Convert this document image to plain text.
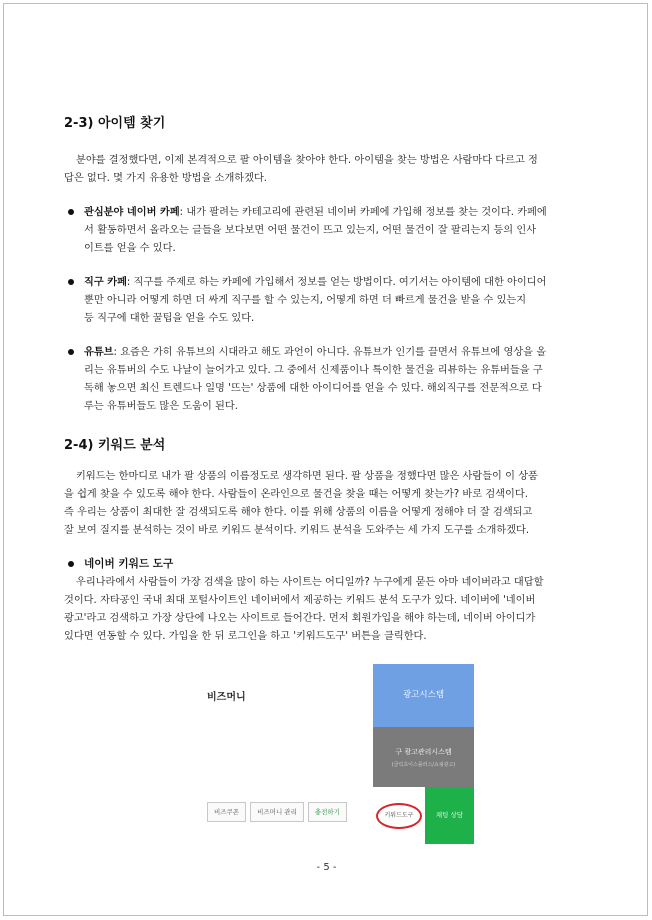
2-3) 아이템 찾기
분야를 결정했다면, 이제 본격적으로 팔 아이템을 찾아야 한다. 아이템을 찾는 방법은 사람마다 다르고 정
답은 없다. 몇 가지 유용한 방법을 소개하겠다.
관심분야 네이버 카페: 내가 팔려는 카테고리에 관련된 네이버 카페에 가입해 정보를 찾는 것이다. 카페에
서 활동하면서 올라오는 글들을 보다보면 어떤 물건이 뜨고 있는지, 어떤 물건이 잘 팔리는지 등의 인사
이트를 얻을 수 있다.
직구 카페: 직구를 주제로 하는 카페에 가입해서 정보를 얻는 방법이다. 여기서는 아이템에 대한 아이디어
뿐만 아니라 어떻게 하면 더 싸게 직구를 할 수 있는지, 어떻게 하면 더 빠르게 물건을 받을 수 있는지
등 직구에 대한 꿀팁을 얻을 수도 있다.
유튜브: 요즘은 가히 유튜브의 시대라고 해도 과언이 아니다. 유튜브가 인기를 끌면서 유튜브에 영상을 올
리는 유튜버의 수도 나날이 늘어가고 있다. 그 중에서 신제품이나 특이한 물건을 리뷰하는 유튜버들을 구
독해 놓으면 최신 트렌드나 일명 '뜨는' 상품에 대한 아이디어를 얻을 수 있다. 해외직구를 전문적으로 다
루는 유튜버들도 많은 도움이 된다.
2-4) 키워드 분석
키워드는 한마디로 내가 팔 상품의 이름정도로 생각하면 된다. 팔 상품을 정했다면 많은 사람들이 이 상품
을 쉽게 찾을 수 있도록 해야 한다. 사람들이 온라인으로 물건을 찾을 때는 어떻게 찾는가? 바로 검색이다.
즉 우리는 상품이 최대한 잘 검색되도록 해야 한다. 이를 위해 상품의 이름을 어떻게 정해야 더 잘 검색되고
잘 보여 질지를 분석하는 것이 바로 키워드 분석이다. 키워드 분석을 도와주는 세 가지 도구를 소개하겠다.
네이버 키워드 도구
우리나라에서 사람들이 가장 검색을 많이 하는 사이트는 어디일까? 누구에게 묻든 아마 네이버라고 대답할
것이다. 자타공인 국내 최대 포털사이트인 네이버에서 제공하는 키워드 분석 도구가 있다. 네이버에 '네이버
광고'라고 검색하고 가장 상단에 나오는 사이트로 들어간다. 먼저 회원가입을 해야 하는데, 네이버 아이디가
있다면 연동할 수 있다. 가입을 한 뒤 로그인을 하고 '키워드도구' 버튼을 클릭한다.
비즈머니
비즈쿠폰	비즈머니 관리	충전하기
광고시스템
구 광고관리시스템
(클릭초이스플러스/쇼핑광고)
키워드도구	채팅 상담
- 5 -
